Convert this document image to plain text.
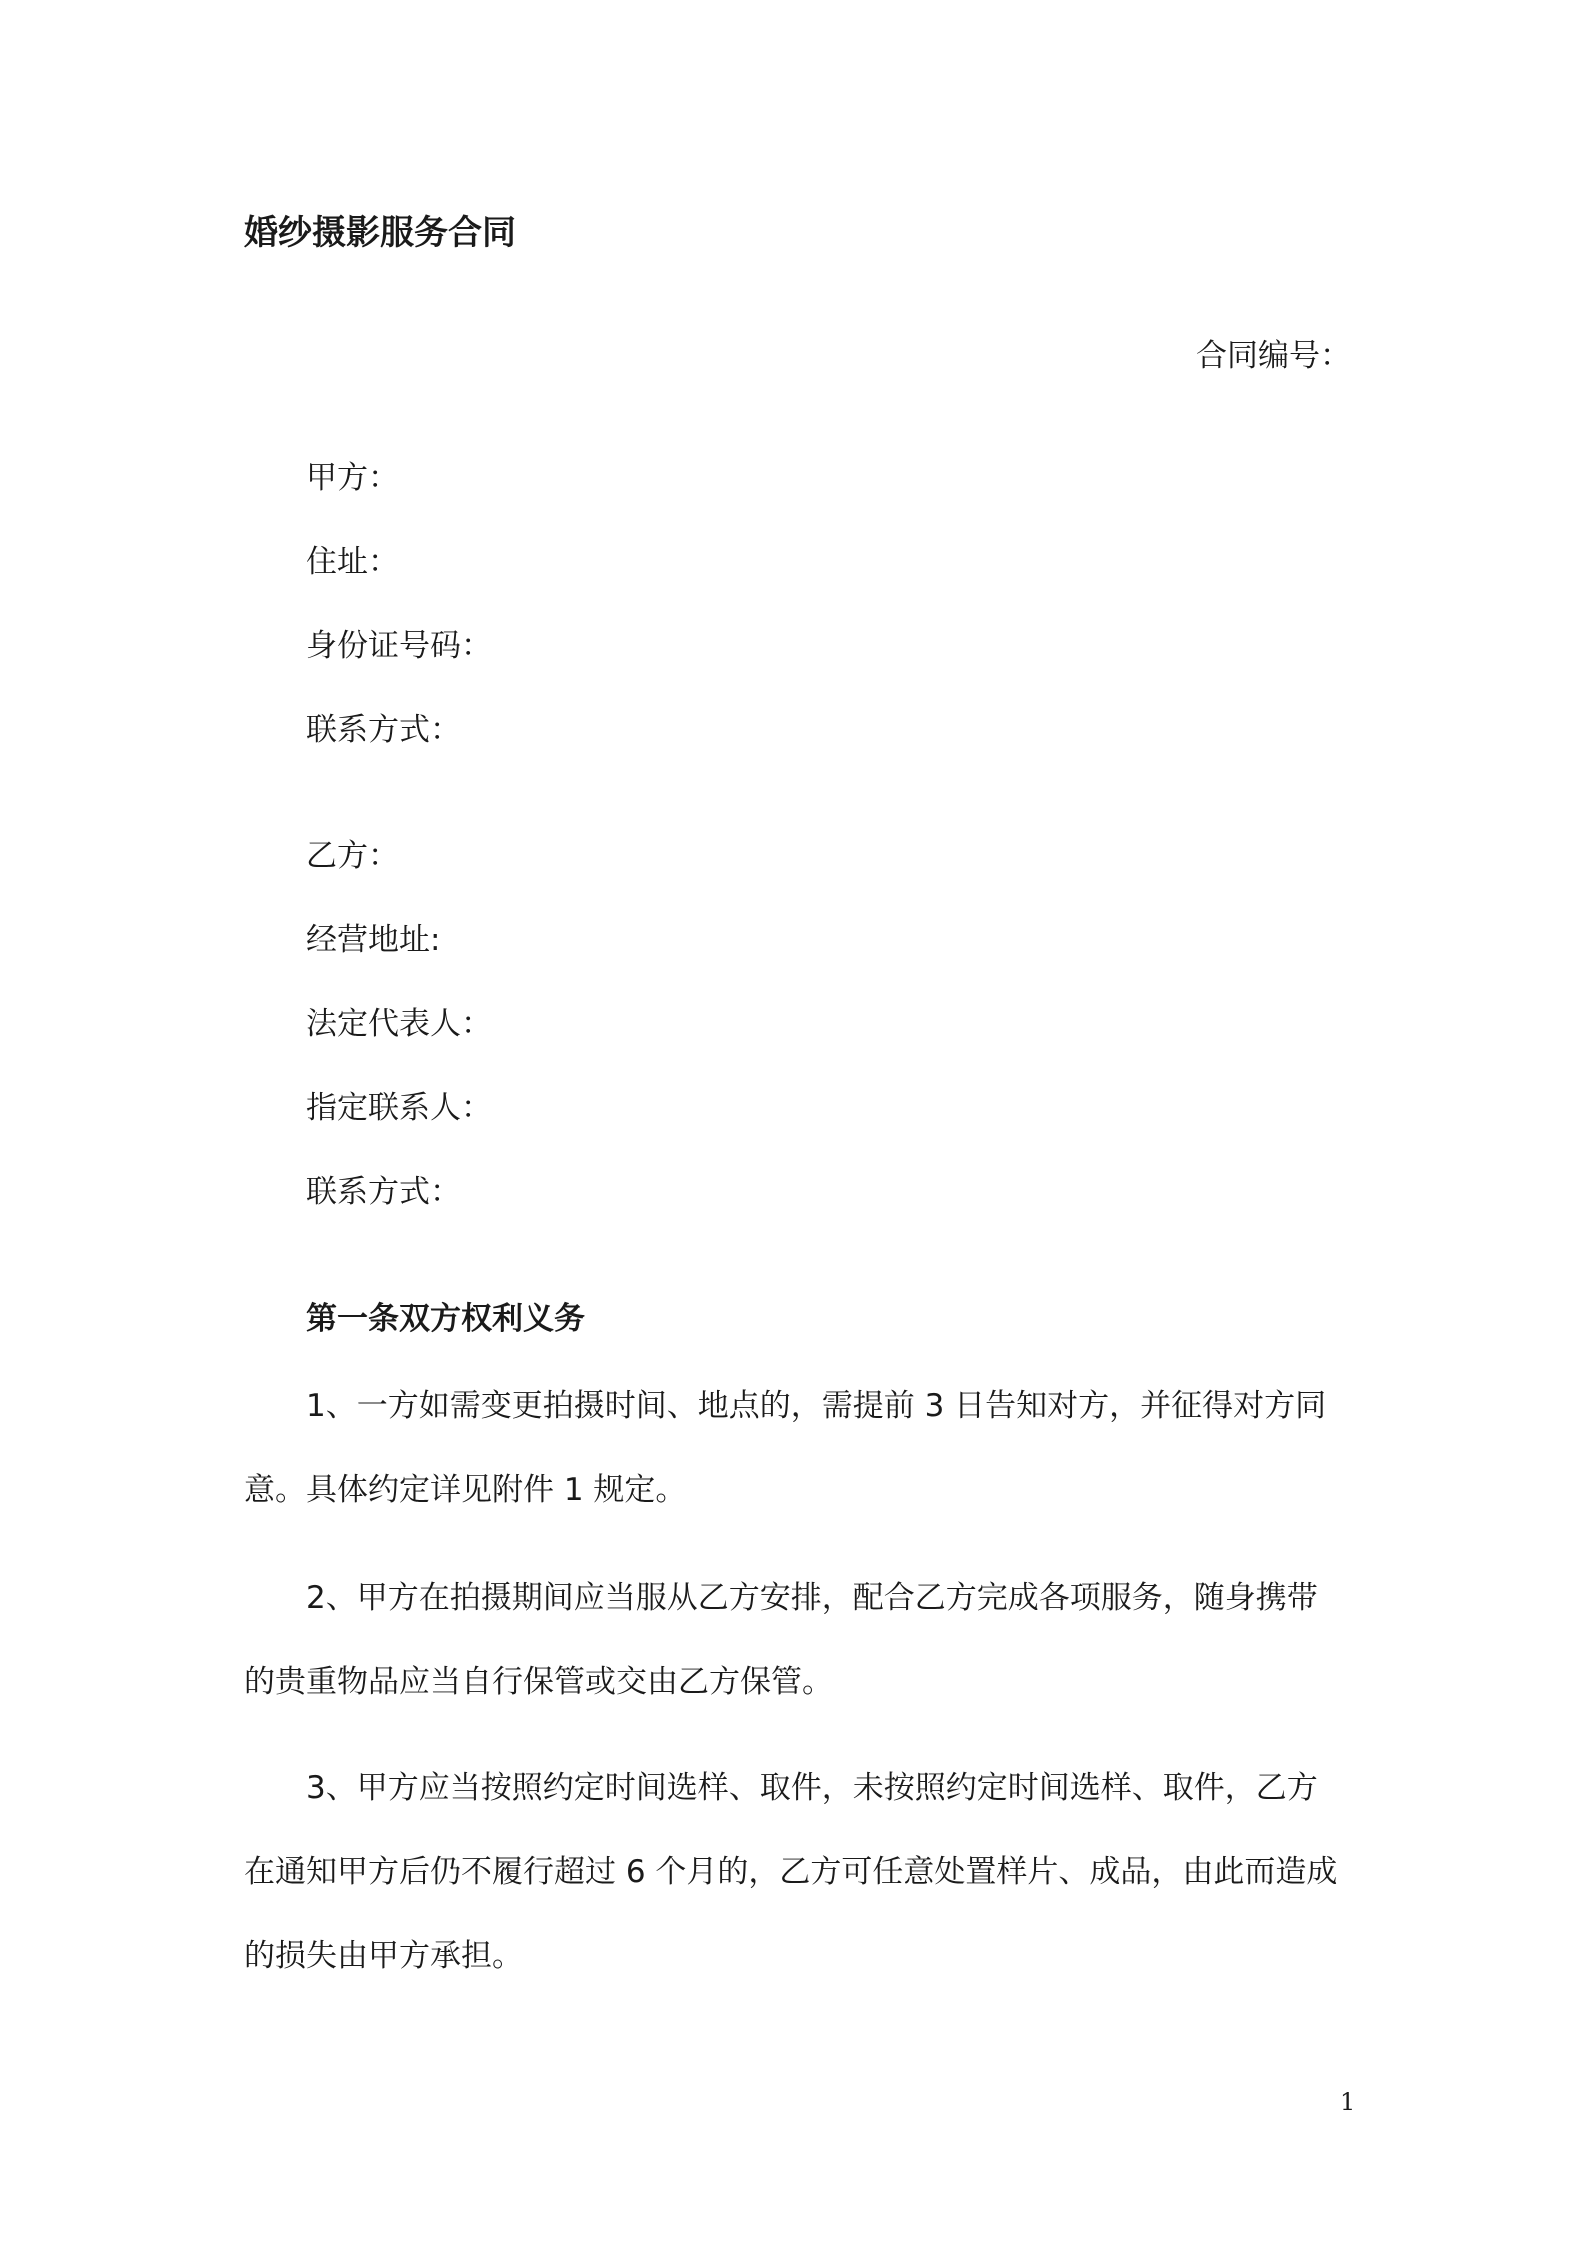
婚纱摄影服务合同
合同编号：
甲方：
住址：
身份证号码：
联系方式：
乙方：
经营地址:
法定代表人：
指定联系人：
联系方式：
第一条双方权利义务

1、一方如需变更拍摄时间、地点的，需提前 3 日告知对方，并征得对方同
意。具体约定详见附件 1 规定。

2、甲方在拍摄期间应当服从乙方安排，配合乙方完成各项服务，随身携带
的贵重物品应当自行保管或交由乙方保管。

3、甲方应当按照约定时间选样、取件，未按照约定时间选样、取件，乙方
在通知甲方后仍不履行超过 6 个月的，乙方可任意处置样片、成品，由此而造成
的损失由甲方承担。

1
